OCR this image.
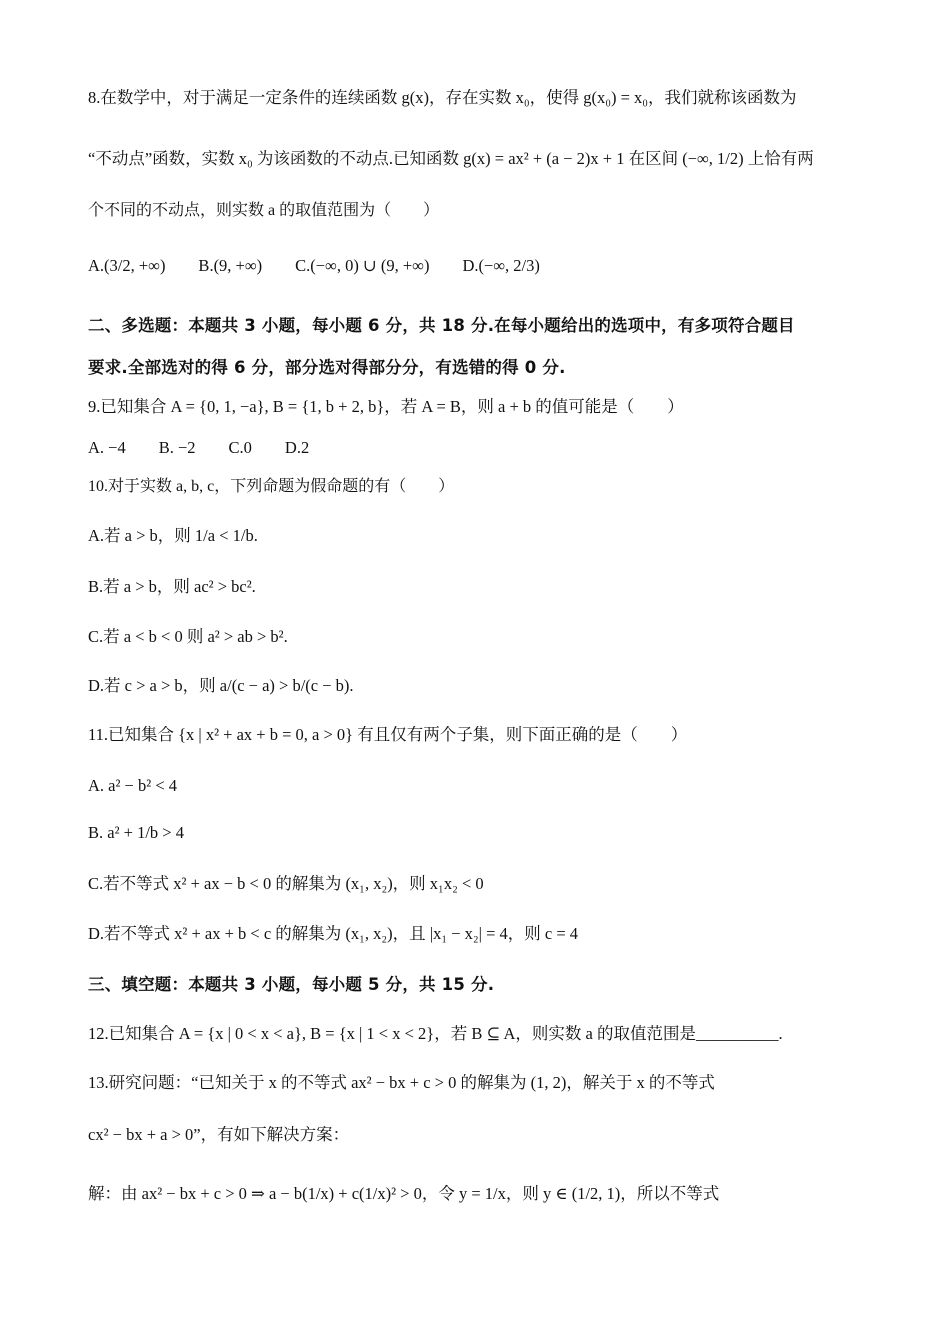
8.在数学中，对于满足一定条件的连续函数 g(x)，存在实数 x₀，使得 g(x₀) = x₀，我们就称该函数为
“不动点”函数，实数 x₀ 为该函数的不动点.已知函数 g(x) = ax² + (a − 2)x + 1 在区间 (−∞, 1/2) 上恰有两
个不同的不动点，则实数 a 的取值范围为（　　）
A.(3/2, +∞)　　B.(9, +∞)　　C.(−∞, 0) ∪ (9, +∞)　　D.(−∞, 2/3)
二、多选题：本题共 3 小题，每小题 6 分，共 18 分.在每小题给出的选项中，有多项符合题目
要求.全部选对的得 6 分，部分选对得部分分，有选错的得 0 分.
9.已知集合 A = {0, 1, −a}, B = {1, b + 2, b}，若 A = B，则 a + b 的值可能是（　　）
A. −4　　B. −2　　C.0　　D.2
10.对于实数 a, b, c，下列命题为假命题的有（　　）
A.若 a > b，则 1/a < 1/b.
B.若 a > b，则 ac² > bc².
C.若 a < b < 0 则 a² > ab > b².
D.若 c > a > b，则 a/(c − a) > b/(c − b).
11.已知集合 {x | x² + ax + b = 0, a > 0} 有且仅有两个子集，则下面正确的是（　　）
A. a² − b² < 4
B. a² + 1/b > 4
C.若不等式 x² + ax − b < 0 的解集为 (x₁, x₂)，则 x₁x₂ < 0
D.若不等式 x² + ax + b < c 的解集为 (x₁, x₂)，且 |x₁ − x₂| = 4，则 c = 4
三、填空题：本题共 3 小题，每小题 5 分，共 15 分.
12.已知集合 A = {x | 0 < x < a}, B = {x | 1 < x < 2}，若 B ⊆ A，则实数 a 的取值范围是__________.
13.研究问题：“已知关于 x 的不等式 ax² − bx + c > 0 的解集为 (1, 2)，解关于 x 的不等式
cx² − bx + a > 0”，有如下解决方案：
解：由 ax² − bx + c > 0 ⇒ a − b(1/x) + c(1/x)² > 0，令 y = 1/x，则 y ∈ (1/2, 1)，所以不等式
